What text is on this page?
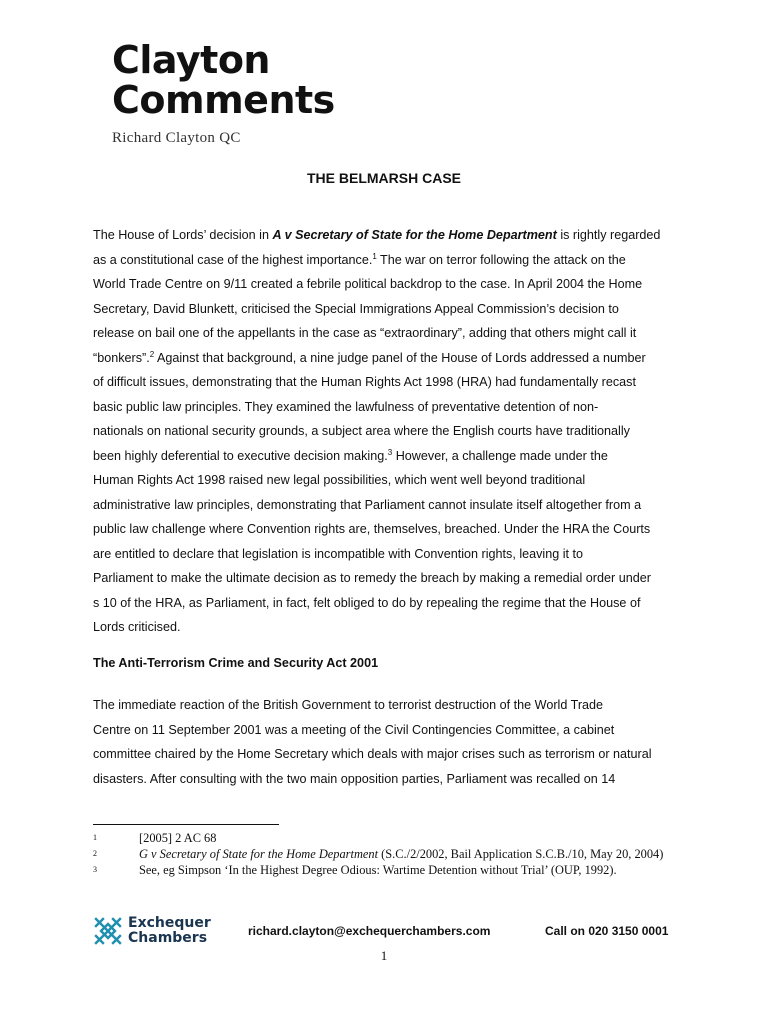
Clayton
Comments
Richard Clayton QC
THE BELMARSH CASE
The House of Lords’ decision in A v Secretary of State for the Home Department is rightly regarded
as a constitutional case of the highest importance.$^1$ The war on terror following the attack on the
World Trade Centre on 9/11 created a febrile political backdrop to the case. In April 2004 the Home
Secretary, David Blunkett, criticised the Special Immigrations Appeal Commission’s decision to
release on bail one of the appellants in the case as “extraordinary”, adding that others might call it
“bonkers”.$^2$ Against that background, a nine judge panel of the House of Lords addressed a number
of difficult issues, demonstrating that the Human Rights Act 1998 (HRA) had fundamentally recast
basic public law principles. They examined the lawfulness of preventative detention of non-
nationals on national security grounds, a subject area where the English courts have traditionally
been highly deferential to executive decision making.$^3$ However, a challenge made under the
Human Rights Act 1998 raised new legal possibilities, which went well beyond traditional
administrative law principles, demonstrating that Parliament cannot insulate itself altogether from a
public law challenge where Convention rights are, themselves, breached. Under the HRA the Courts
are entitled to declare that legislation is incompatible with Convention rights, leaving it to
Parliament to make the ultimate decision as to remedy the breach by making a remedial order under
s 10 of the HRA, as Parliament, in fact, felt obliged to do by repealing the regime that the House of
Lords criticised.
The Anti-Terrorism Crime and Security Act 2001
The immediate reaction of the British Government to terrorist destruction of the World Trade
Centre on 11 September 2001 was a meeting of the Civil Contingencies Committee, a cabinet
committee chaired by the Home Secretary which deals with major crises such as terrorism or natural
disasters. After consulting with the two main opposition parties, Parliament was recalled on 14
1	[2005] 2 AC 68
2	G v Secretary of State for the Home Department (S.C./2/2002, Bail Application S.C.B./10, May 20, 2004)
3	See, eg Simpson ‘In the Highest Degree Odious: Wartime Detention without Trial’ (OUP, 1992).
Exchequer
Chambers	richard.clayton@exchequerchambers.com	Call on 020 3150 0001
1
